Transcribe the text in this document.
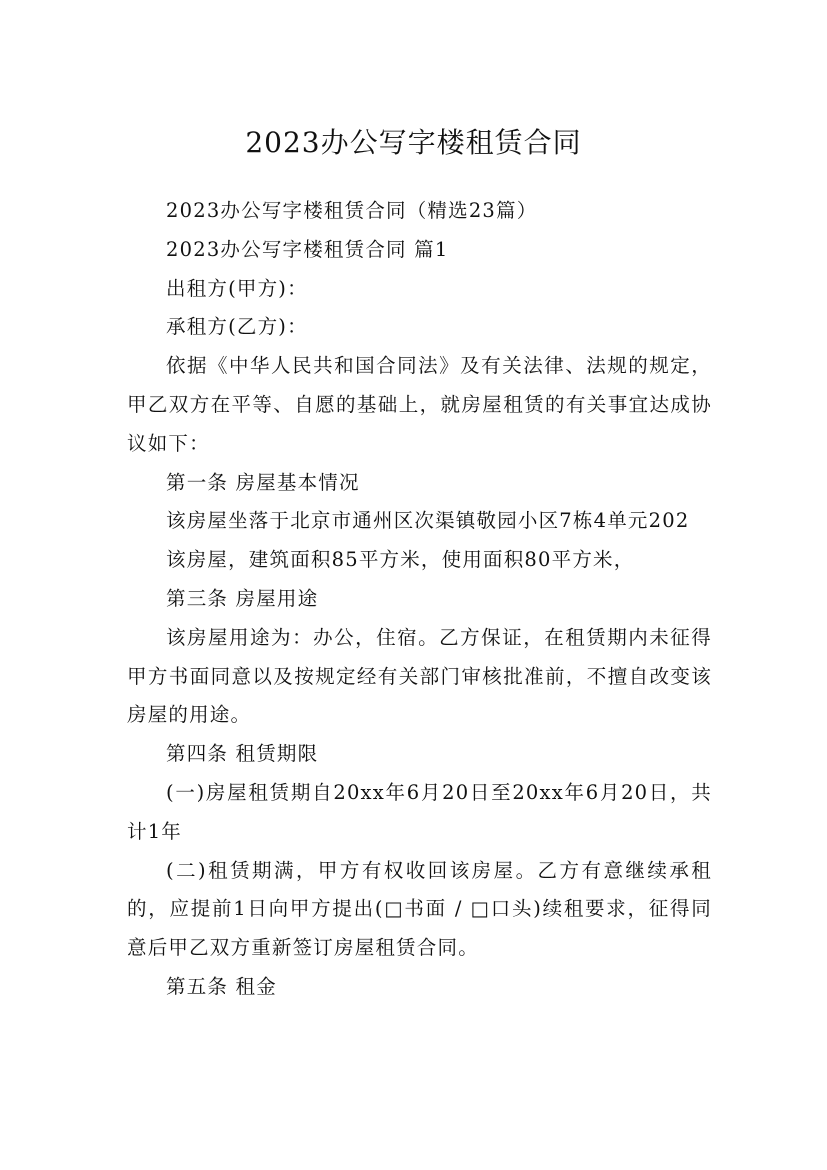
2023办公写字楼租赁合同

2023办公写字楼租赁合同（精选23篇）

2023办公写字楼租赁合同 篇1

出租方(甲方)：

承租方(乙方)：

依据《中华人民共和国合同法》及有关法律、法规的规定，甲乙双方在平等、自愿的基础上，就房屋租赁的有关事宜达成协议如下：

第一条 房屋基本情况

该房屋坐落于北京市通州区次渠镇敬园小区7栋4单元202

该房屋，建筑面积85平方米，使用面积80平方米，

第三条 房屋用途

该房屋用途为：办公，住宿。乙方保证，在租赁期内未征得甲方书面同意以及按规定经有关部门审核批准前，不擅自改变该房屋的用途。

第四条 租赁期限

(一)房屋租赁期自20xx年6月20日至20xx年6月20日，共计1年

(二)租赁期满，甲方有权收回该房屋。乙方有意继续承租的，应提前1日向甲方提出(□书面 / □口头)续租要求，征得同意后甲乙双方重新签订房屋租赁合同。

第五条 租金
